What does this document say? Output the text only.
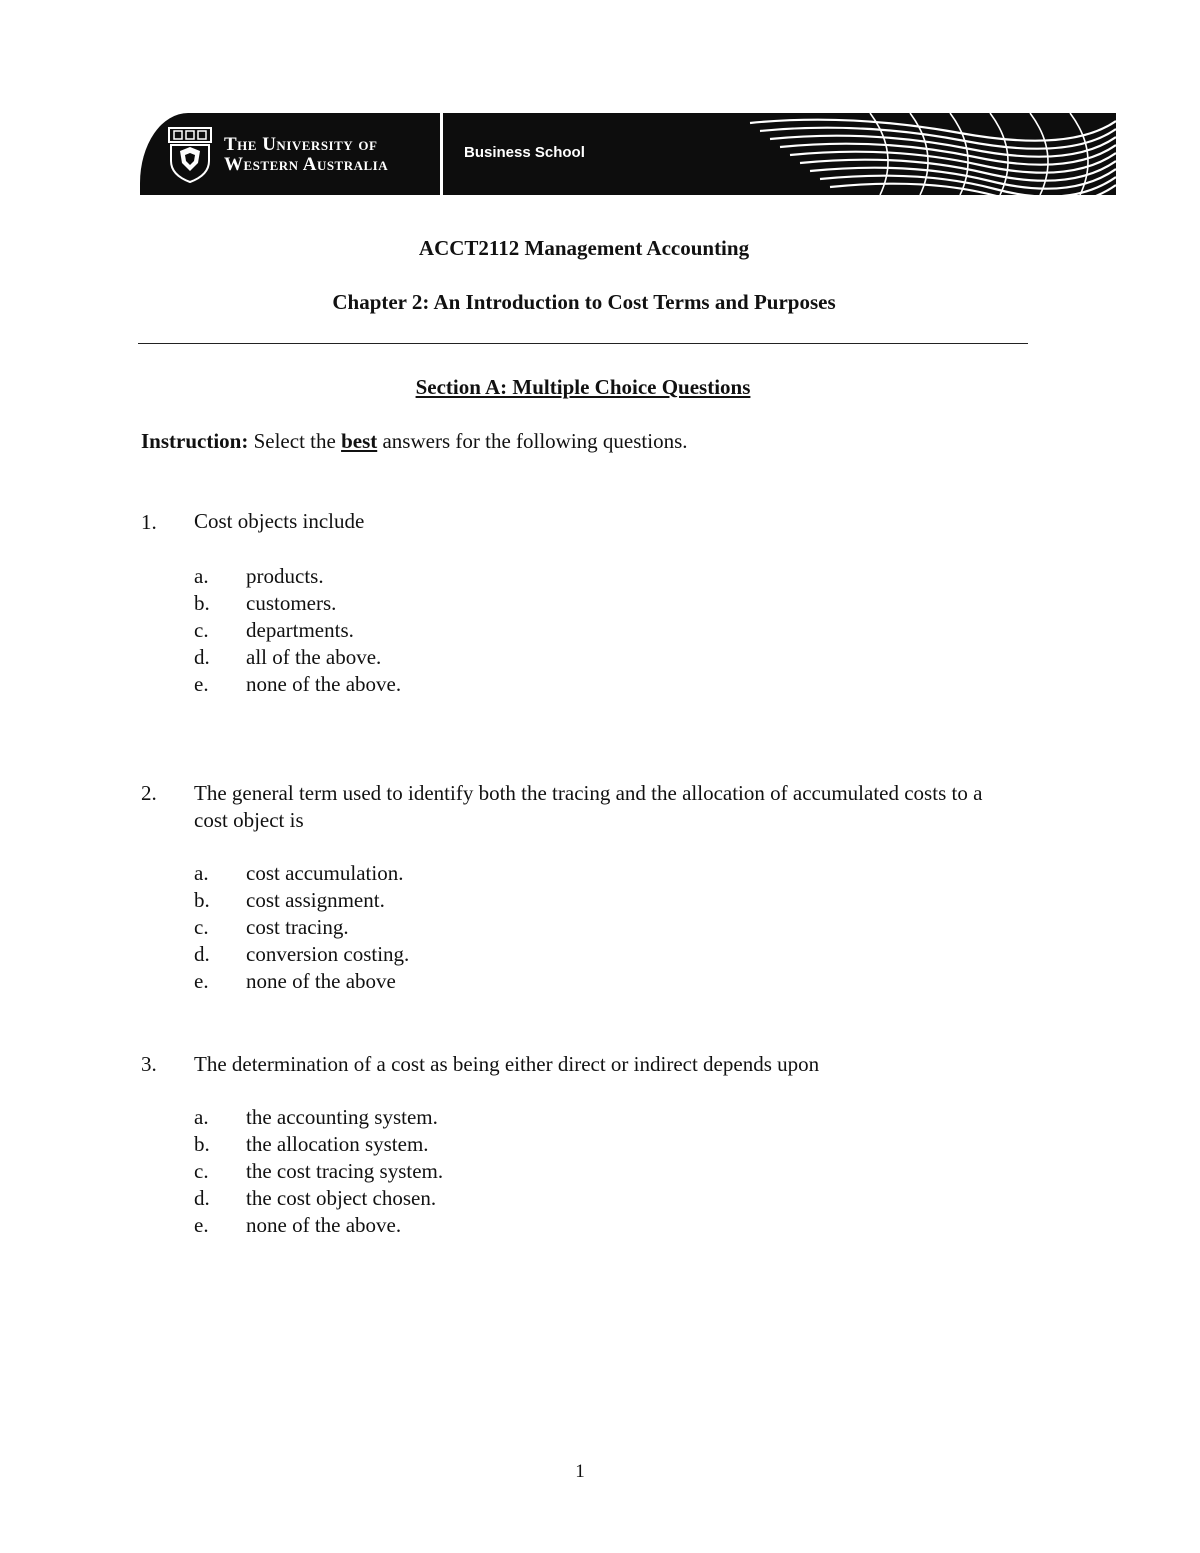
The University of
Western Australia
Business School
ACCT2112 Management Accounting
Chapter 2: An Introduction to Cost Terms and Purposes
Section A: Multiple Choice Questions
Instruction: Select the best answers for the following questions.
1. Cost objects include
a. products.
b. customers.
c. departments.
d. all of the above.
e. none of the above.
2. The general term used to identify both the tracing and the allocation of accumulated costs to a cost object is
a. cost accumulation.
b. cost assignment.
c. cost tracing.
d. conversion costing.
e. none of the above
3. The determination of a cost as being either direct or indirect depends upon
a. the accounting system.
b. the allocation system.
c. the cost tracing system.
d. the cost object chosen.
e. none of the above.
1
